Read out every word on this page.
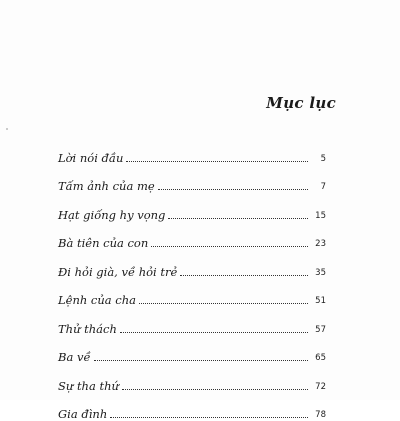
Mục lục
Lời nói đầu	5
Tấm ảnh của mẹ	7
Hạt giống hy vọng	15
Bà tiên của con	23
Đi hỏi già, về hỏi trẻ	35
Lệnh của cha	51
Thử thách	57
Ba về	65
Sự tha thứ	72
Gia đình	78
